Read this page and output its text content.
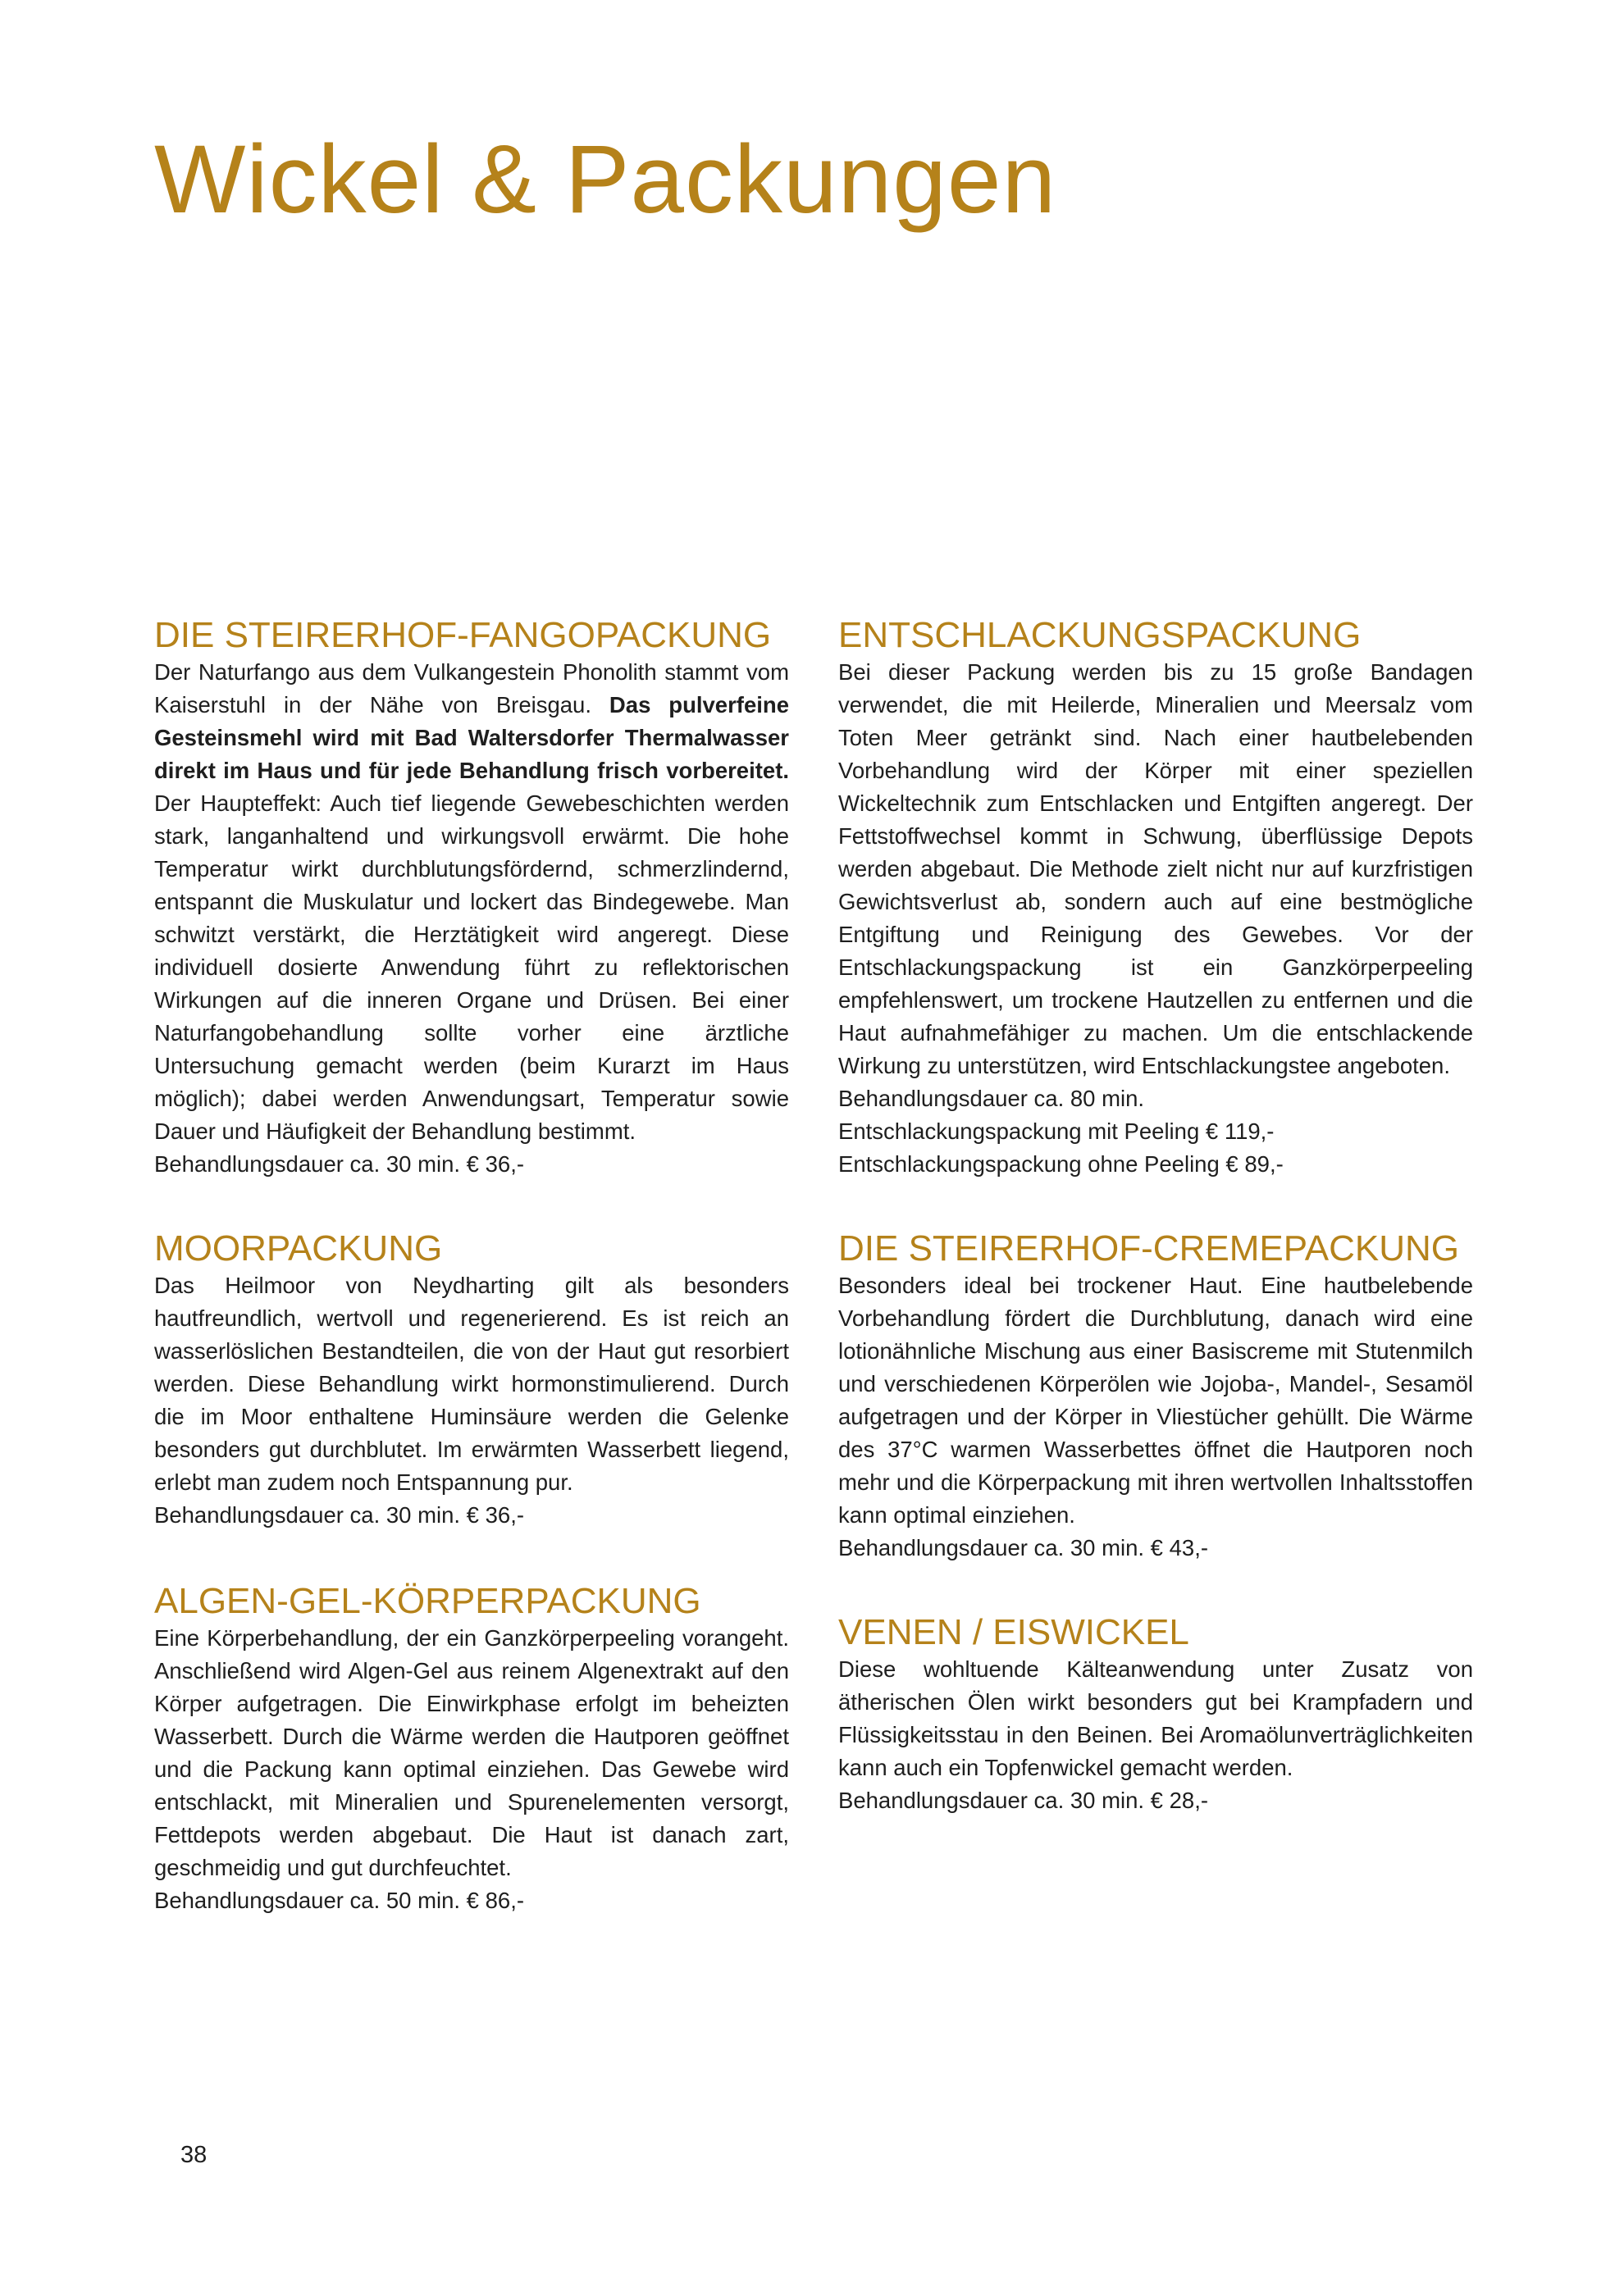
Wickel & Packungen
DIE STEIRERHOF-FANGOPACKUNG

Der Naturfango aus dem Vulkangestein Phonolith stammt vom Kaiserstuhl in der Nähe von Breisgau. Das pulverfeine Gesteinsmehl wird mit Bad Waltersdorfer Thermalwasser direkt im Haus und für jede Behandlung frisch vorbereitet. Der Haupteffekt: Auch tief liegende Gewebeschichten werden stark, langanhaltend und wirkungsvoll erwärmt. Die hohe Temperatur wirkt durchblutungsfördernd, schmerzlindernd, entspannt die Muskulatur und lockert das Bindegewebe. Man schwitzt verstärkt, die Herztätigkeit wird angeregt. Diese individuell dosierte Anwendung führt zu reflektorischen Wirkungen auf die inneren Organe und Drüsen. Bei einer Naturfangobehandlung sollte vorher eine ärztliche Untersuchung gemacht werden (beim Kurarzt im Haus möglich); dabei werden Anwendungsart, Temperatur sowie Dauer und Häufigkeit der Behandlung bestimmt.

Behandlungsdauer ca. 30 min. € 36,-

MOORPACKUNG

Das Heilmoor von Neydharting gilt als besonders hautfreundlich, wertvoll und regenerierend. Es ist reich an wasserlöslichen Bestandteilen, die von der Haut gut resorbiert werden. Diese Behandlung wirkt hormonstimulierend. Durch die im Moor enthaltene Huminsäure werden die Gelenke besonders gut durchblutet. Im erwärmten Wasserbett liegend, erlebt man zudem noch Entspannung pur.

Behandlungsdauer ca. 30 min. € 36,-

ALGEN-GEL-KÖRPERPACKUNG

Eine Körperbehandlung, der ein Ganzkörperpeeling vorangeht. Anschließend wird Algen-Gel aus reinem Algenextrakt auf den Körper aufgetragen. Die Einwirkphase erfolgt im beheizten Wasserbett. Durch die Wärme werden die Hautporen geöffnet und die Packung kann optimal einziehen. Das Gewebe wird entschlackt, mit Mineralien und Spurenelementen versorgt, Fettdepots werden abgebaut. Die Haut ist danach zart, geschmeidig und gut durchfeuchtet.

Behandlungsdauer ca. 50 min. € 86,-

ENTSCHLACKUNGSPACKUNG

Bei dieser Packung werden bis zu 15 große Bandagen verwendet, die mit Heilerde, Mineralien und Meersalz vom Toten Meer getränkt sind. Nach einer hautbelebenden Vorbehandlung wird der Körper mit einer speziellen Wickeltechnik zum Entschlacken und Entgiften angeregt. Der Fettstoffwechsel kommt in Schwung, überflüssige Depots werden abgebaut. Die Methode zielt nicht nur auf kurzfristigen Gewichtsverlust ab, sondern auch auf eine bestmögliche Entgiftung und Reinigung des Gewebes. Vor der Entschlackungspackung ist ein Ganzkörperpeeling empfehlenswert, um trockene Hautzellen zu entfernen und die Haut aufnahmefähiger zu machen. Um die entschlackende Wirkung zu unterstützen, wird Entschlackungstee angeboten.

Behandlungsdauer ca. 80 min.

Entschlackungspackung mit Peeling € 119,-

Entschlackungspackung ohne Peeling € 89,-

DIE STEIRERHOF-CREMEPACKUNG

Besonders ideal bei trockener Haut. Eine hautbelebende Vorbehandlung fördert die Durchblutung, danach wird eine lotionähnliche Mischung aus einer Basiscreme mit Stutenmilch und verschiedenen Körperölen wie Jojoba-, Mandel-, Sesamöl aufgetragen und der Körper in Vliestücher gehüllt. Die Wärme des 37°C warmen Wasserbettes öffnet die Hautporen noch mehr und die Körperpackung mit ihren wertvollen Inhaltsstoffen kann optimal einziehen.

Behandlungsdauer ca. 30 min. € 43,-

VENEN / EISWICKEL

Diese wohltuende Kälteanwendung unter Zusatz von ätherischen Ölen wirkt besonders gut bei Krampfadern und Flüssigkeitsstau in den Beinen. Bei Aromaölunverträglichkeiten kann auch ein Topfenwickel gemacht werden.

Behandlungsdauer ca. 30 min. € 28,-

38
